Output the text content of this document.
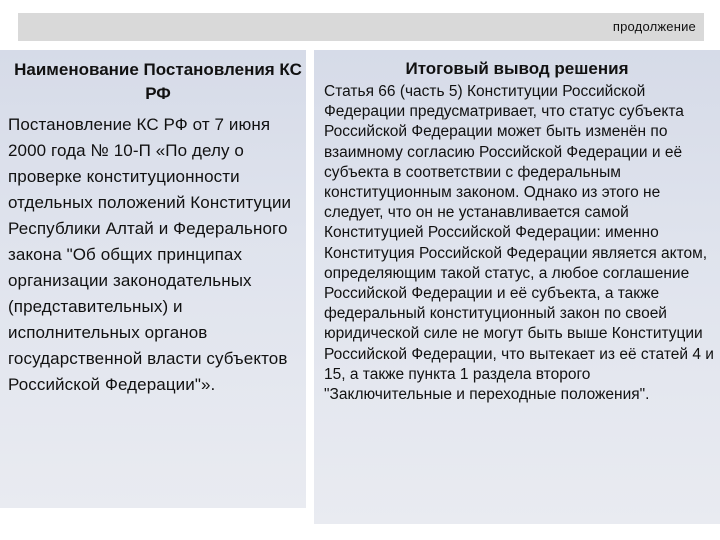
продолжение
Наименование Постановления КС РФ
Постановление КС РФ от 7 июня 2000 года № 10-П «По делу о проверке конституционности отдельных положений Конституции Республики Алтай и Федерального закона "Об общих принципах организации законодательных (представительных) и исполнительных органов государственной власти субъектов Российской Федерации"».
Итоговый вывод решения
Статья 66 (часть 5) Конституции Российской Федерации предусматривает, что статус субъекта Российской Федерации может быть изменён по взаимному согласию Российской Федерации и её субъекта в соответствии с федеральным конституционным законом. Однако из этого не следует, что он не устанавливается самой Конституцией Российской Федерации: именно Конституция Российской Федерации является актом, определяющим такой статус, а любое соглашение Российской Федерации и её субъекта, а также федеральный конституционный закон по своей юридической силе не могут быть выше Конституции Российской Федерации, что вытекает из её статей 4 и 15, а также пункта 1 раздела второго "Заключительные и переходные положения".
